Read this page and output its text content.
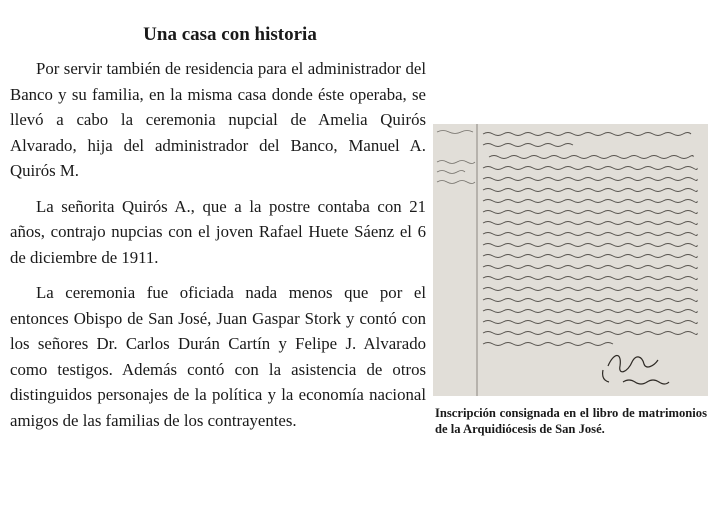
Una casa con historia

Por servir también de residencia para el administrador del Banco y su familia, en la misma casa donde éste operaba, se llevó a cabo la ceremonia nupcial de Amelia Quirós Alvarado, hija del administrador del Banco, Manuel A. Quirós M.

La señorita Quirós A., que a la postre contaba con 21 años, contrajo nupcias con el joven Rafael Huete Sáenz el 6 de diciembre de 1911.

La ceremonia fue oficiada nada menos que por el entonces Obispo de San José, Juan Gaspar Stork y contó con los señores Dr. Carlos Durán Cartín y Felipe J. Alvarado como testigos. Además contó con la asistencia de otros distinguidos personajes de la política y la economía nacional amigos de las familias de los contrayentes.	Inscripción consignada en el libro de matrimonios de la Arquidiócesis de San José.
